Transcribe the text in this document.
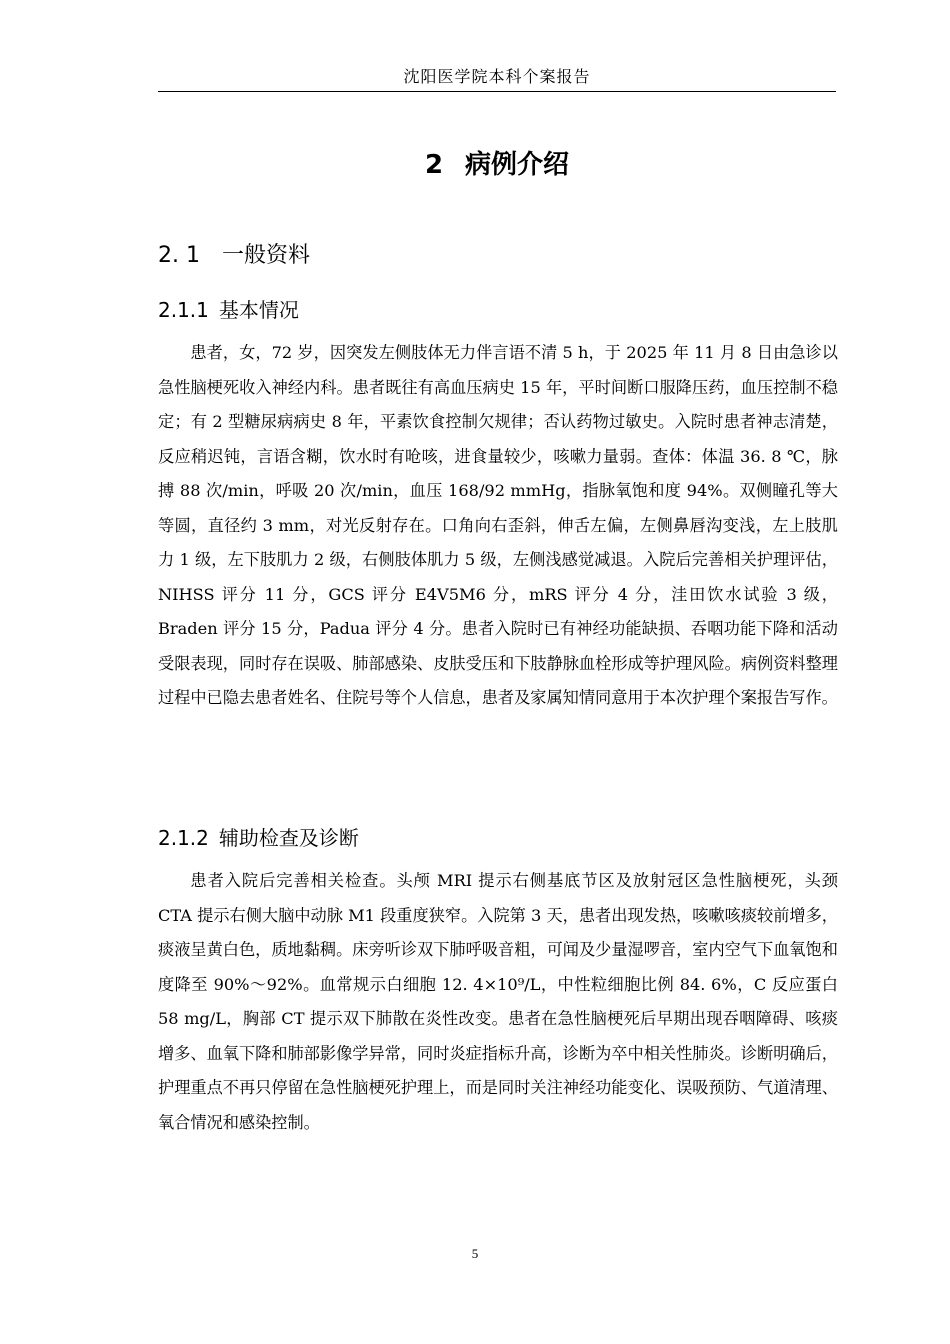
沈阳医学院本科个案报告
2 病例介绍
2. 1 一般资料
2.1.1 基本情况

患者，女，72 岁，因突发左侧肢体无力伴言语不清 5 h，于 2025 年 11 月 8 日由急诊以急性脑梗死收入神经内科。患者既往有高血压病史 15 年，平时间断口服降压药，血压控制不稳定；有 2 型糖尿病病史 8 年，平素饮食控制欠规律；否认药物过敏史。入院时患者神志清楚，反应稍迟钝，言语含糊，饮水时有呛咳，进食量较少，咳嗽力量弱。查体：体温 36. 8 ℃，脉搏 88 次/min，呼吸 20 次/min，血压 168/92 mmHg，指脉氧饱和度 94%。双侧瞳孔等大等圆，直径约 3 mm，对光反射存在。口角向右歪斜，伸舌左偏，左侧鼻唇沟变浅，左上肢肌力 1 级，左下肢肌力 2 级，右侧肢体肌力 5 级，左侧浅感觉减退。入院后完善相关护理评估，NIHSS 评分 11 分，GCS 评分 E4V5M6 分，mRS 评分 4 分，洼田饮水试验 3 级，Braden 评分 15 分，Padua 评分 4 分。患者入院时已有神经功能缺损、吞咽功能下降和活动受限表现，同时存在误吸、肺部感染、皮肤受压和下肢静脉血栓形成等护理风险。病例资料整理过程中已隐去患者姓名、住院号等个人信息，患者及家属知情同意用于本次护理个案报告写作。

2.1.2 辅助检查及诊断

患者入院后完善相关检查。头颅 MRI 提示右侧基底节区及放射冠区急性脑梗死，头颈 CTA 提示右侧大脑中动脉 M1 段重度狭窄。入院第 3 天，患者出现发热，咳嗽咳痰较前增多，痰液呈黄白色，质地黏稠。床旁听诊双下肺呼吸音粗，可闻及少量湿啰音，室内空气下血氧饱和度降至 90%～92%。血常规示白细胞 12. 4×10⁹/L，中性粒细胞比例 84. 6%，C 反应蛋白 58 mg/L，胸部 CT 提示双下肺散在炎性改变。患者在急性脑梗死后早期出现吞咽障碍、咳痰增多、血氧下降和肺部影像学异常，同时炎症指标升高，诊断为卒中相关性肺炎。诊断明确后，护理重点不再只停留在急性脑梗死护理上，而是同时关注神经功能变化、误吸预防、气道清理、氧合情况和感染控制。

5
